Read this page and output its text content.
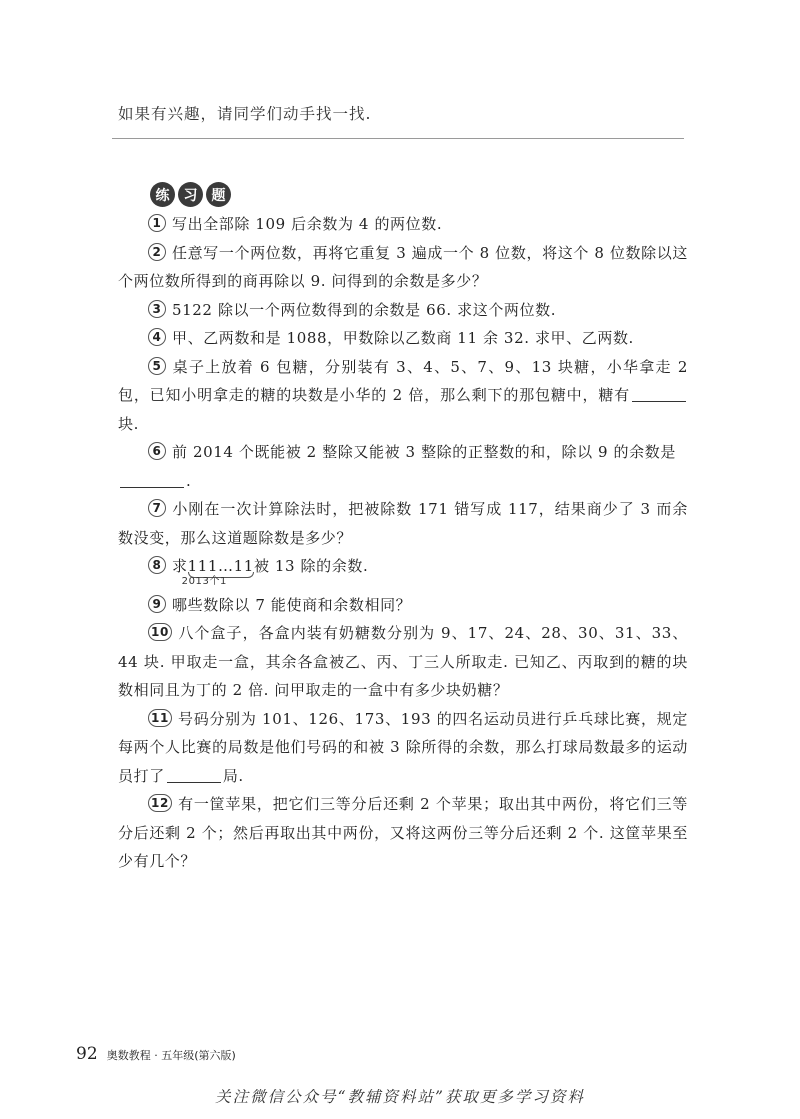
如果有兴趣，请同学们动手找一找.
练	习	题
1 写出全部除 109 后余数为 4 的两位数.
2 任意写一个两位数，再将它重复 3 遍成一个 8 位数，将这个 8 位数除以这个两位数所得到的商再除以 9. 问得到的余数是多少？
3 5122 除以一个两位数得到的余数是 66. 求这个两位数.
4 甲、乙两数和是 1088，甲数除以乙数商 11 余 32. 求甲、乙两数.
5 桌子上放着 6 包糖，分别装有 3、4、5、7、9、13 块糖，小华拿走 2 包，已知小明拿走的糖的块数是小华的 2 倍，那么剩下的那包糖中，糖有块.
6 前 2014 个既能被 2 整除又能被 3 整除的正整数的和，除以 9 的余数是
.
7 小刚在一次计算除法时，把被除数 171 错写成 117，结果商少了 3 而余数没变，那么这道题除数是多少？
8 求111…11
2013个1
被 13 除的余数.
9 哪些数除以 7 能使商和余数相同？
10 八个盒子，各盒内装有奶糖数分别为 9、17、24、28、30、31、33、44 块. 甲取走一盒，其余各盒被乙、丙、丁三人所取走. 已知乙、丙取到的糖的块数相同且为丁的 2 倍. 问甲取走的一盒中有多少块奶糖？
11 号码分别为 101、126、173、193 的四名运动员进行乒乓球比赛，规定每两个人比赛的局数是他们号码的和被 3 除所得的余数，那么打球局数最多的运动员打了	局.
12 有一筐苹果，把它们三等分后还剩 2 个苹果；取出其中两份，将它们三等分后还剩 2 个；然后再取出其中两份，又将这两份三等分后还剩 2 个. 这筐苹果至少有几个？
92 奥数教程 · 五年级(第六版)
关注微信公众号“教辅资料站”获取更多学习资料
